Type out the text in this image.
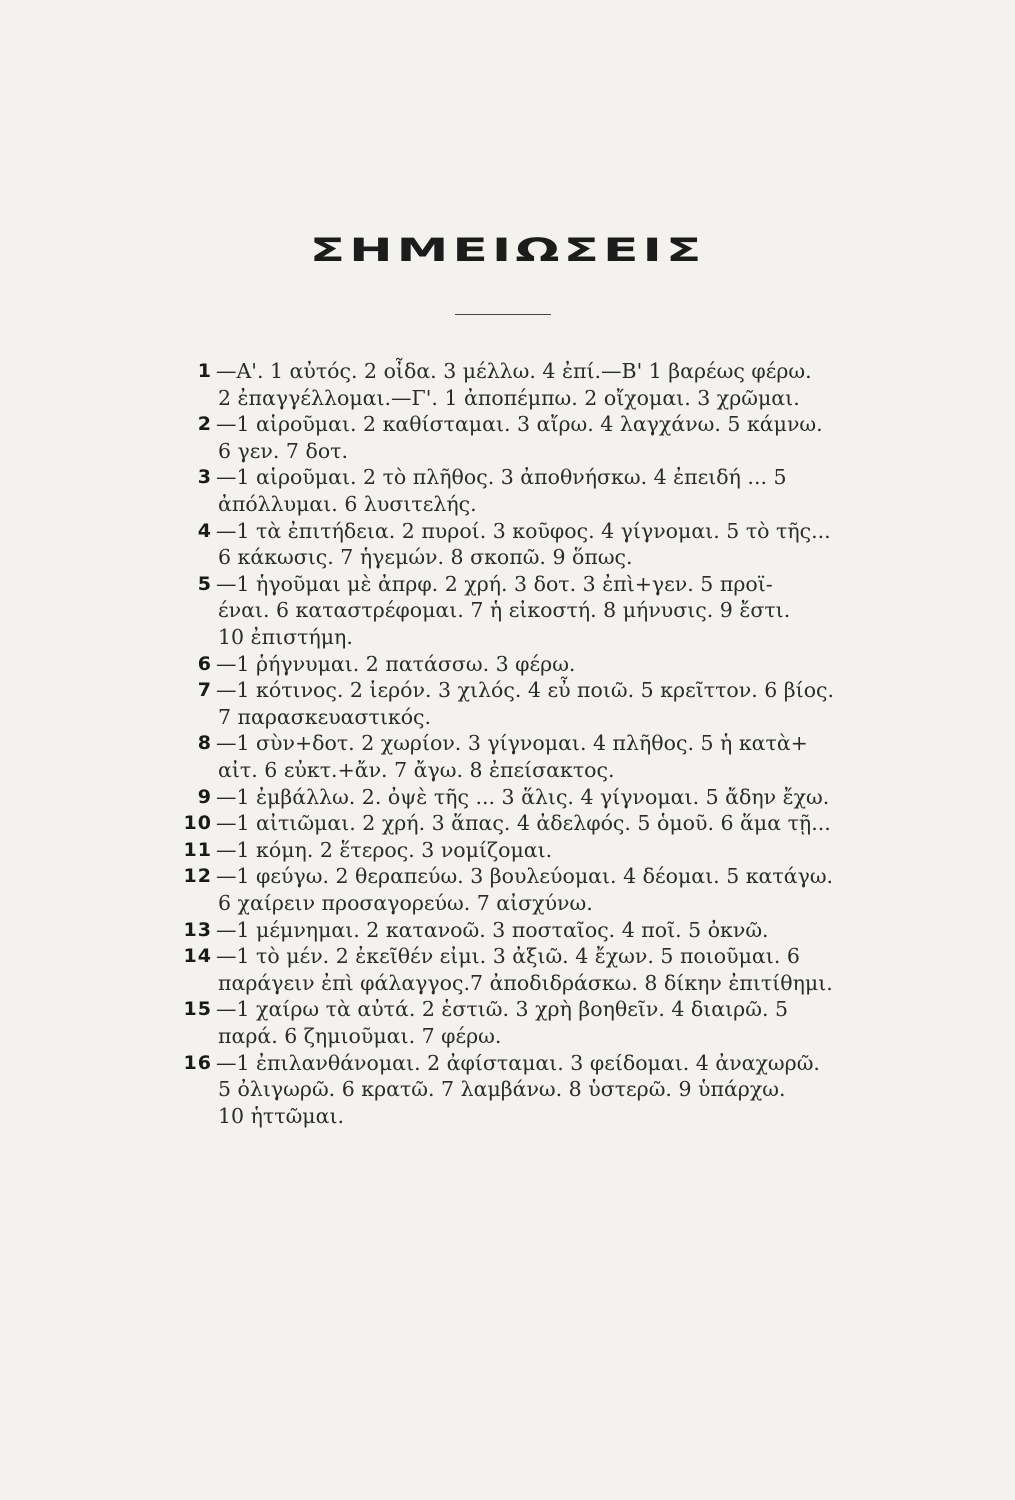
ΣΗΜΕΙΩΣΕΙΣ
1 —Α'. 1 αὐτός. 2 οἶδα. 3 μέλλω. 4 ἐπί.—Β' 1 βαρέως φέρω.
2 ἐπαγγέλλομαι.—Γ'. 1 ἀποπέμπω. 2 οἴχομαι. 3 χρῶμαι.
2 —1 αἱροῦμαι. 2 καθίσταμαι. 3 αἴρω. 4 λαγχάνω. 5 κάμνω.
6 γεν. 7 δοτ.
3 —1 αἱροῦμαι. 2 τὸ πλῆθος. 3 ἀποθνήσκω. 4 ἐπειδή ... 5
ἀπόλλυμαι. 6 λυσιτελής.
4 —1 τὰ ἐπιτήδεια. 2 πυροί. 3 κοῦφος. 4 γίγνομαι. 5 τὸ τῆς...
6 κάκωσις. 7 ἡγεμών. 8 σκοπῶ. 9 ὅπως.
5 —1 ἡγοῦμαι μὲ ἀπρφ. 2 χρή. 3 δοτ. 3 ἐπὶ+γεν. 5 προϊ-
έναι. 6 καταστρέφομαι. 7 ἡ εἰκοστή. 8 μήνυσις. 9 ἔστι.
10 ἐπιστήμη.
6 —1 ῥήγνυμαι. 2 πατάσσω. 3 φέρω.
7 —1 κότινος. 2 ἱερόν. 3 χιλός. 4 εὖ ποιῶ. 5 κρεῖττον. 6 βίος.
7 παρασκευαστικός.
8 —1 σὺν+δοτ. 2 χωρίον. 3 γίγνομαι. 4 πλῆθος. 5 ἡ κατὰ+
αἰτ. 6 εὐκτ.+ἄν. 7 ἄγω. 8 ἐπείσακτος.
9 —1 ἐμβάλλω. 2. ὀψὲ τῆς ... 3 ἅλις. 4 γίγνομαι. 5 ἄδην ἔχω.
10 —1 αἰτιῶμαι. 2 χρή. 3 ἅπας. 4 ἀδελφός. 5 ὁμοῦ. 6 ἅμα τῇ...
11 —1 κόμη. 2 ἕτερος. 3 νομίζομαι.
12 —1 φεύγω. 2 θεραπεύω. 3 βουλεύομαι. 4 δέομαι. 5 κατάγω.
6 χαίρειν προσαγορεύω. 7 αἰσχύνω.
13 —1 μέμνημαι. 2 κατανοῶ. 3 ποσταῖος. 4 ποῖ. 5 ὀκνῶ.
14 —1 τὸ μέν. 2 ἐκεῖθέν εἰμι. 3 ἀξιῶ. 4 ἔχων. 5 ποιοῦμαι. 6
παράγειν ἐπὶ φάλαγγος.7 ἀποδιδράσκω. 8 δίκην ἐπιτίθημι.
15 —1 χαίρω τὰ αὐτά. 2 ἑστιῶ. 3 χρὴ βοηθεῖν. 4 διαιρῶ. 5
παρά. 6 ζημιοῦμαι. 7 φέρω.
16 —1 ἐπιλανθάνομαι. 2 ἀφίσταμαι. 3 φείδομαι. 4 ἀναχωρῶ.
5 ὀλιγωρῶ. 6 κρατῶ. 7 λαμβάνω. 8 ὑστερῶ. 9 ὑπάρχω.
10 ἡττῶμαι.
